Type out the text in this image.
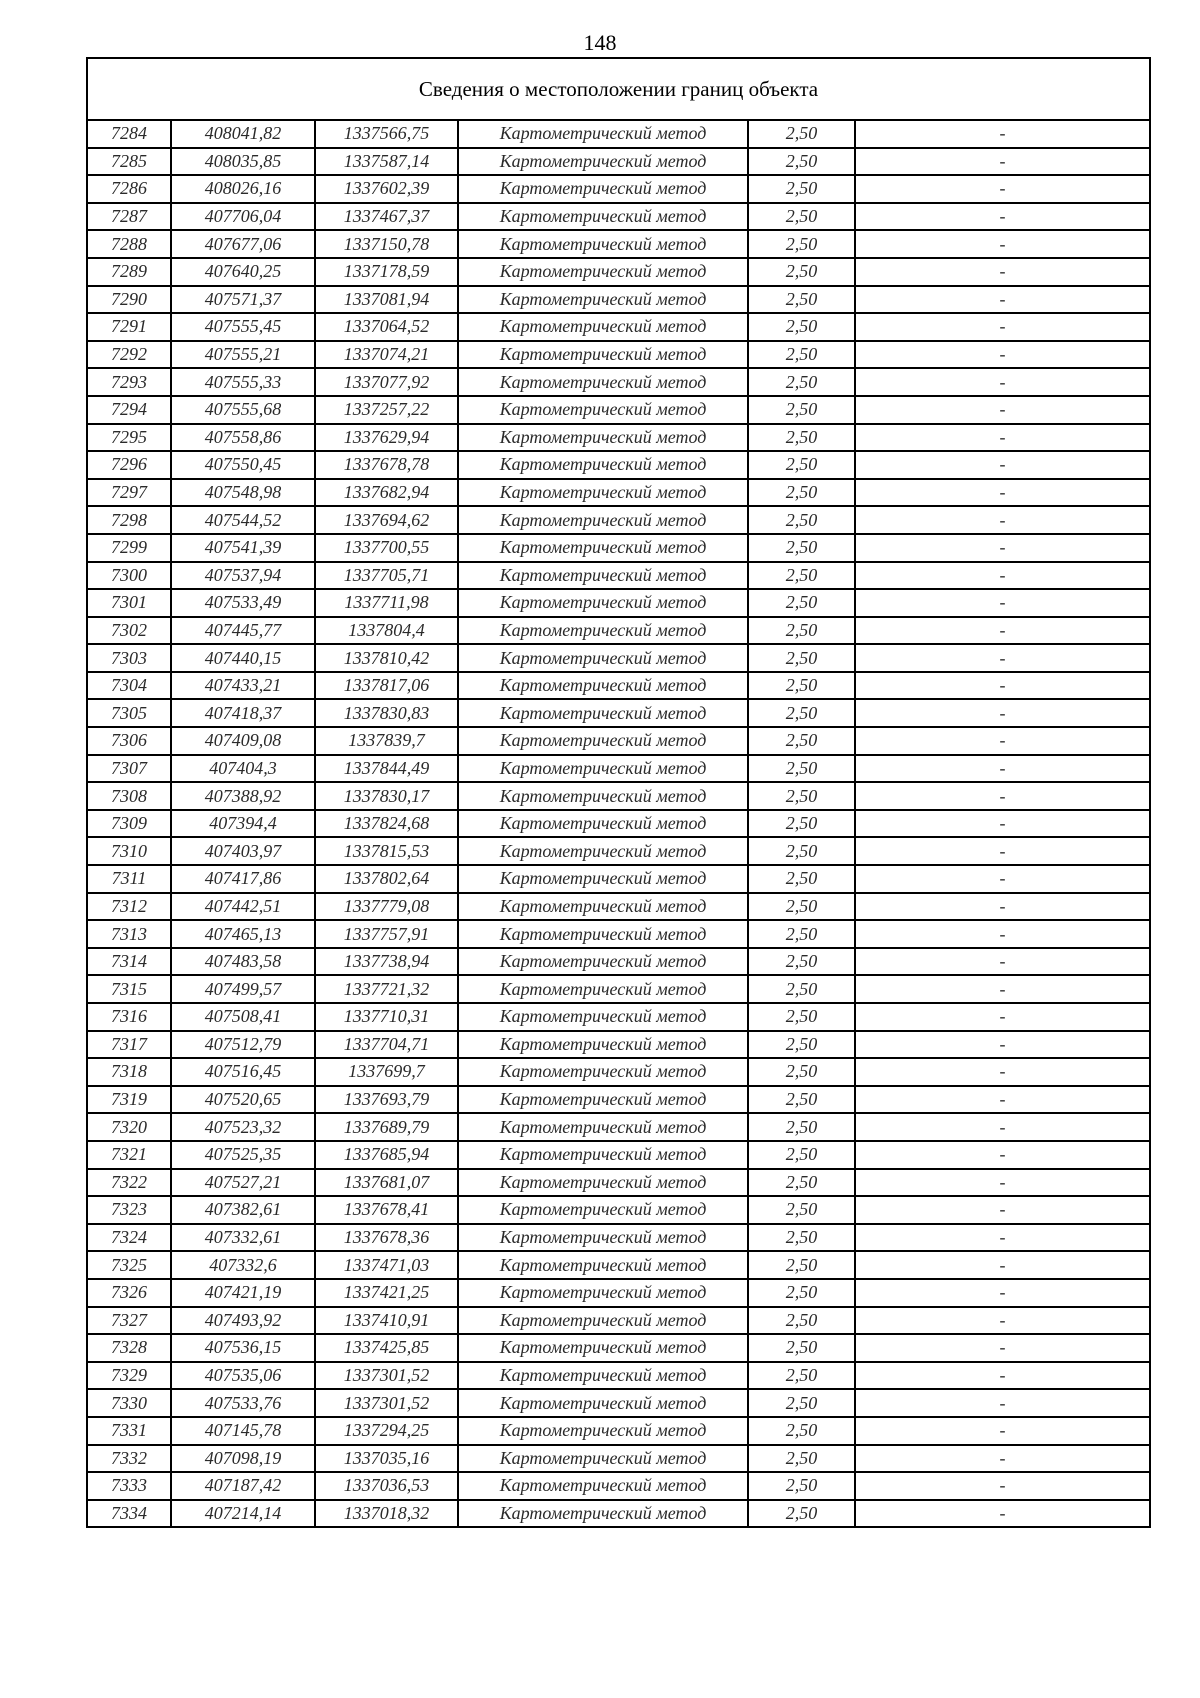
148
Сведения о местоположении границ объекта					
7284	408041,82	1337566,75	Картометрический метод	2,50	-
7285	408035,85	1337587,14	Картометрический метод	2,50	-
7286	408026,16	1337602,39	Картометрический метод	2,50	-
7287	407706,04	1337467,37	Картометрический метод	2,50	-
7288	407677,06	1337150,78	Картометрический метод	2,50	-
7289	407640,25	1337178,59	Картометрический метод	2,50	-
7290	407571,37	1337081,94	Картометрический метод	2,50	-
7291	407555,45	1337064,52	Картометрический метод	2,50	-
7292	407555,21	1337074,21	Картометрический метод	2,50	-
7293	407555,33	1337077,92	Картометрический метод	2,50	-
7294	407555,68	1337257,22	Картометрический метод	2,50	-
7295	407558,86	1337629,94	Картометрический метод	2,50	-
7296	407550,45	1337678,78	Картометрический метод	2,50	-
7297	407548,98	1337682,94	Картометрический метод	2,50	-
7298	407544,52	1337694,62	Картометрический метод	2,50	-
7299	407541,39	1337700,55	Картометрический метод	2,50	-
7300	407537,94	1337705,71	Картометрический метод	2,50	-
7301	407533,49	1337711,98	Картометрический метод	2,50	-
7302	407445,77	1337804,4	Картометрический метод	2,50	-
7303	407440,15	1337810,42	Картометрический метод	2,50	-
7304	407433,21	1337817,06	Картометрический метод	2,50	-
7305	407418,37	1337830,83	Картометрический метод	2,50	-
7306	407409,08	1337839,7	Картометрический метод	2,50	-
7307	407404,3	1337844,49	Картометрический метод	2,50	-
7308	407388,92	1337830,17	Картометрический метод	2,50	-
7309	407394,4	1337824,68	Картометрический метод	2,50	-
7310	407403,97	1337815,53	Картометрический метод	2,50	-
7311	407417,86	1337802,64	Картометрический метод	2,50	-
7312	407442,51	1337779,08	Картометрический метод	2,50	-
7313	407465,13	1337757,91	Картометрический метод	2,50	-
7314	407483,58	1337738,94	Картометрический метод	2,50	-
7315	407499,57	1337721,32	Картометрический метод	2,50	-
7316	407508,41	1337710,31	Картометрический метод	2,50	-
7317	407512,79	1337704,71	Картометрический метод	2,50	-
7318	407516,45	1337699,7	Картометрический метод	2,50	-
7319	407520,65	1337693,79	Картометрический метод	2,50	-
7320	407523,32	1337689,79	Картометрический метод	2,50	-
7321	407525,35	1337685,94	Картометрический метод	2,50	-
7322	407527,21	1337681,07	Картометрический метод	2,50	-
7323	407382,61	1337678,41	Картометрический метод	2,50	-
7324	407332,61	1337678,36	Картометрический метод	2,50	-
7325	407332,6	1337471,03	Картометрический метод	2,50	-
7326	407421,19	1337421,25	Картометрический метод	2,50	-
7327	407493,92	1337410,91	Картометрический метод	2,50	-
7328	407536,15	1337425,85	Картометрический метод	2,50	-
7329	407535,06	1337301,52	Картометрический метод	2,50	-
7330	407533,76	1337301,52	Картометрический метод	2,50	-
7331	407145,78	1337294,25	Картометрический метод	2,50	-
7332	407098,19	1337035,16	Картометрический метод	2,50	-
7333	407187,42	1337036,53	Картометрический метод	2,50	-
7334	407214,14	1337018,32	Картометрический метод	2,50	-
